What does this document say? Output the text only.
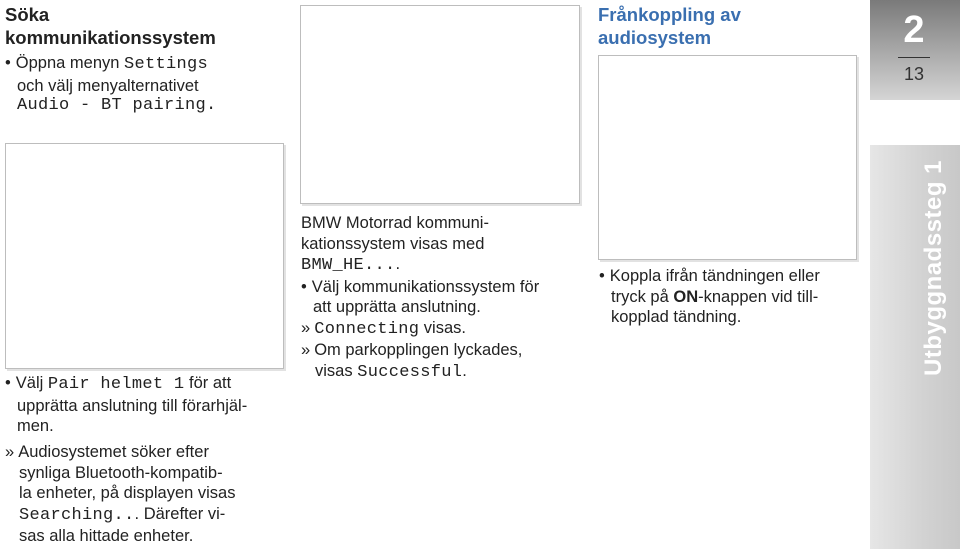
Söka
kommunikationssystem
• Öppna menyn Settings
och välj menyalternativet
Audio - BT pairing.
• Välj Pair helmet 1 för att
upprätta anslutning till förarhjäl-
men.
» Audiosystemet söker efter
synliga Bluetooth-kompatib-
la enheter, på displayen visas
Searching... Därefter vi-
sas alla hittade enheter.
BMW Motorrad kommuni-
kationssystem visas med
BMW_HE....
• Välj kommunikationssystem för
att upprätta anslutning.
» Connecting visas.
» Om parkopplingen lyckades,
visas Successful.
Frånkoppling av
audiosystem
• Koppla ifrån tändningen eller
tryck på ON-knappen vid till-
kopplad tändning.
2
13
Utbyggnadssteg 1
